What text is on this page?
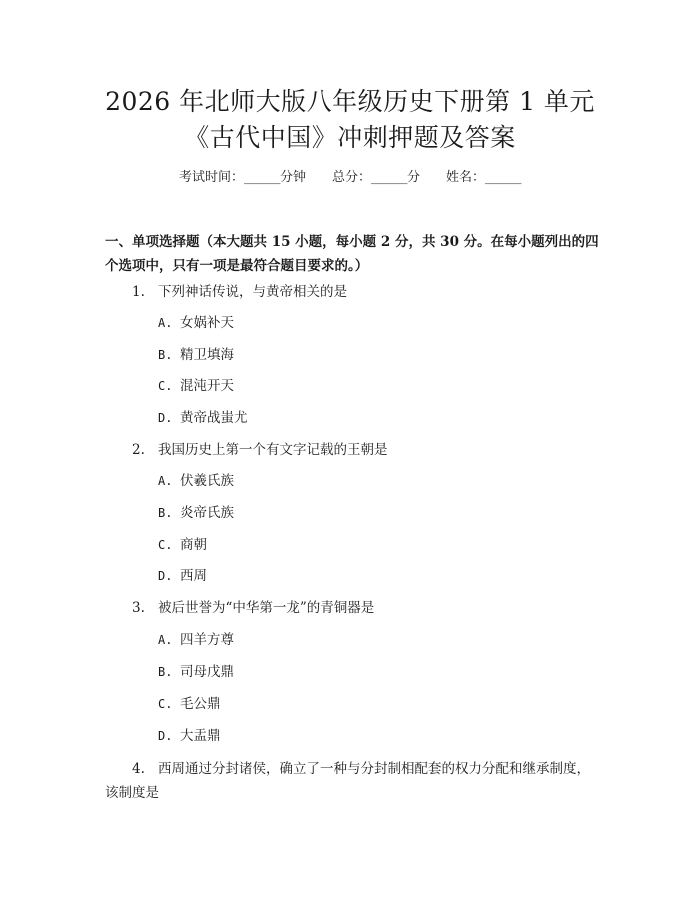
2026 年北师大版八年级历史下册第 1 单元
《古代中国》冲刺押题及答案
考试时间：______分钟 总分：______分 姓名：______
一、单项选择题（本大题共 15 小题，每小题 2 分，共 30 分。在每小题列出的四
个选项中，只有一项是最符合题目要求的。）
1. 下列神话传说，与黄帝相关的是
A. 女娲补天
B. 精卫填海
C. 混沌开天
D. 黄帝战蚩尤
2. 我国历史上第一个有文字记载的王朝是
A. 伏羲氏族
B. 炎帝氏族
C. 商朝
D. 西周
3. 被后世誉为“中华第一龙”的青铜器是
A. 四羊方尊
B. 司母戊鼎
C. 毛公鼎
D. 大盂鼎
4. 西周通过分封诸侯，确立了一种与分封制相配套的权力分配和继承制度，
该制度是
